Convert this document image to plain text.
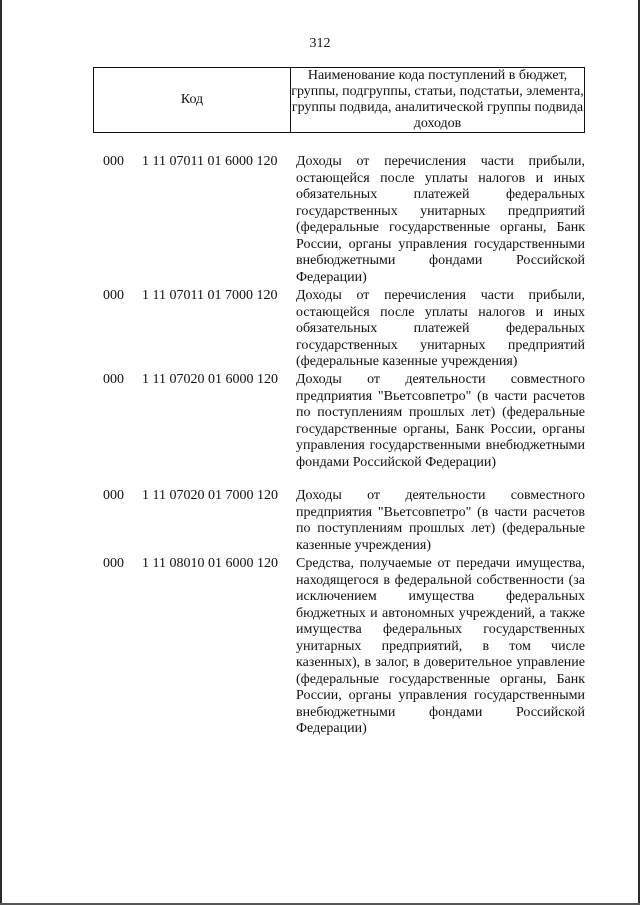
312
Код	Наименование кода поступлений в бюджет, группы, подгруппы, статьи, подстатьи, элемента, группы подвида, аналитической группы подвида доходов
000 1 11 07011 01 6000 120 Доходы от перечисления части прибыли, остающейся после уплаты налогов и иных обязательных платежей федеральных государственных унитарных предприятий (федеральные государственные органы, Банк России, органы управления государственными внебюджетными фондами Российской Федерации)
000 1 11 07011 01 7000 120 Доходы от перечисления части прибыли, остающейся после уплаты налогов и иных обязательных платежей федеральных государственных унитарных предприятий (федеральные казенные учреждения)
000 1 11 07020 01 6000 120 Доходы от деятельности совместного предприятия "Вьетсовпетро" (в части расчетов по поступлениям прошлых лет) (федеральные государственные органы, Банк России, органы управления государственными внебюджетными фондами Российской Федерации)
000 1 11 07020 01 7000 120 Доходы от деятельности совместного предприятия "Вьетсовпетро" (в части расчетов по поступлениям прошлых лет) (федеральные казенные учреждения)
000 1 11 08010 01 6000 120 Средства, получаемые от передачи имущества, находящегося в федеральной собственности (за исключением имущества федеральных бюджетных и автономных учреждений, а также имущества федеральных государственных унитарных предприятий, в том числе казенных), в залог, в доверительное управление (федеральные государственные органы, Банк России, органы управления государственными внебюджетными фондами Российской Федерации)
